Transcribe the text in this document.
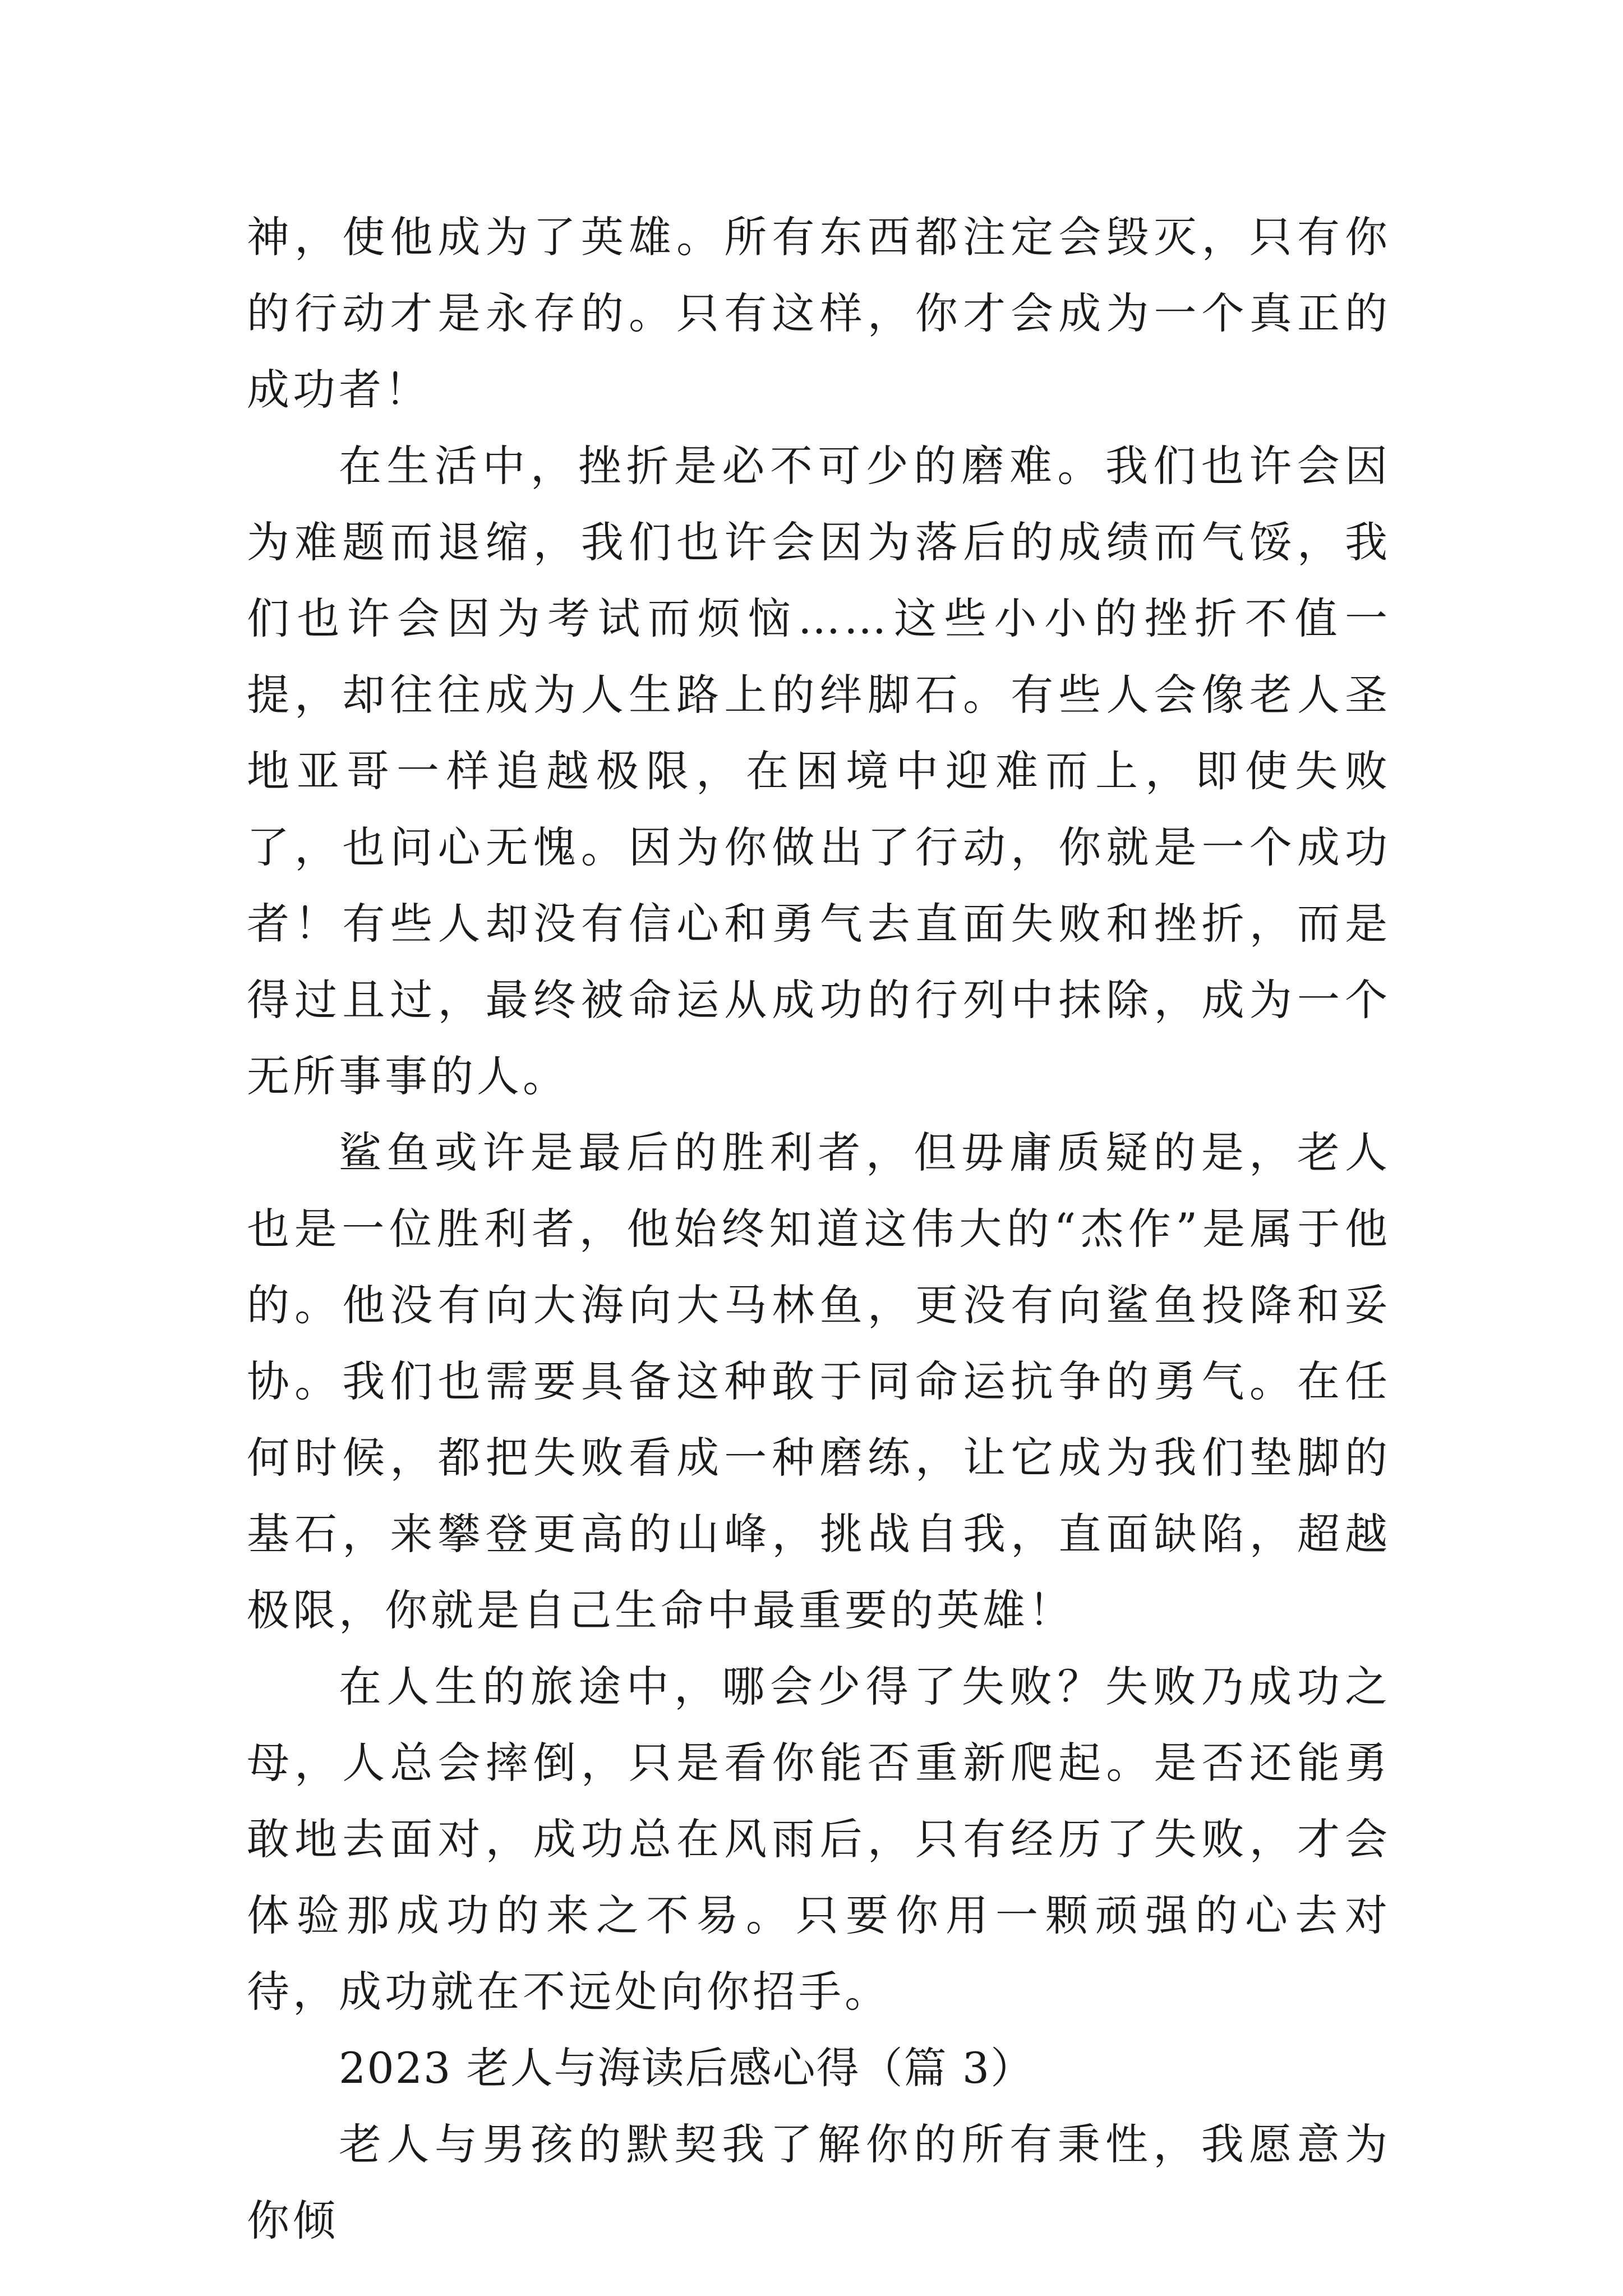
神，使他成为了英雄。所有东西都注定会毁灭，只有你的行动才是永存的。只有这样，你才会成为一个真正的成功者！

在生活中，挫折是必不可少的磨难。我们也许会因为难题而退缩，我们也许会因为落后的成绩而气馁，我们也许会因为考试而烦恼……这些小小的挫折不值一提，却往往成为人生路上的绊脚石。有些人会像老人圣地亚哥一样追越极限，在困境中迎难而上，即使失败了，也问心无愧。因为你做出了行动，你就是一个成功者！有些人却没有信心和勇气去直面失败和挫折，而是得过且过，最终被命运从成功的行列中抹除，成为一个无所事事的人。

鲨鱼或许是最后的胜利者，但毋庸质疑的是，老人也是一位胜利者，他始终知道这伟大的“杰作”是属于他的。他没有向大海向大马林鱼，更没有向鲨鱼投降和妥协。我们也需要具备这种敢于同命运抗争的勇气。在任何时候，都把失败看成一种磨练，让它成为我们垫脚的基石，来攀登更高的山峰，挑战自我，直面缺陷，超越极限，你就是自己生命中最重要的英雄！

在人生的旅途中，哪会少得了失败？失败乃成功之母，人总会摔倒，只是看你能否重新爬起。是否还能勇敢地去面对，成功总在风雨后，只有经历了失败，才会体验那成功的来之不易。只要你用一颗顽强的心去对待，成功就在不远处向你招手。

2023 老人与海读后感心得（篇 3）

老人与男孩的默契我了解你的所有秉性，我愿意为你倾
